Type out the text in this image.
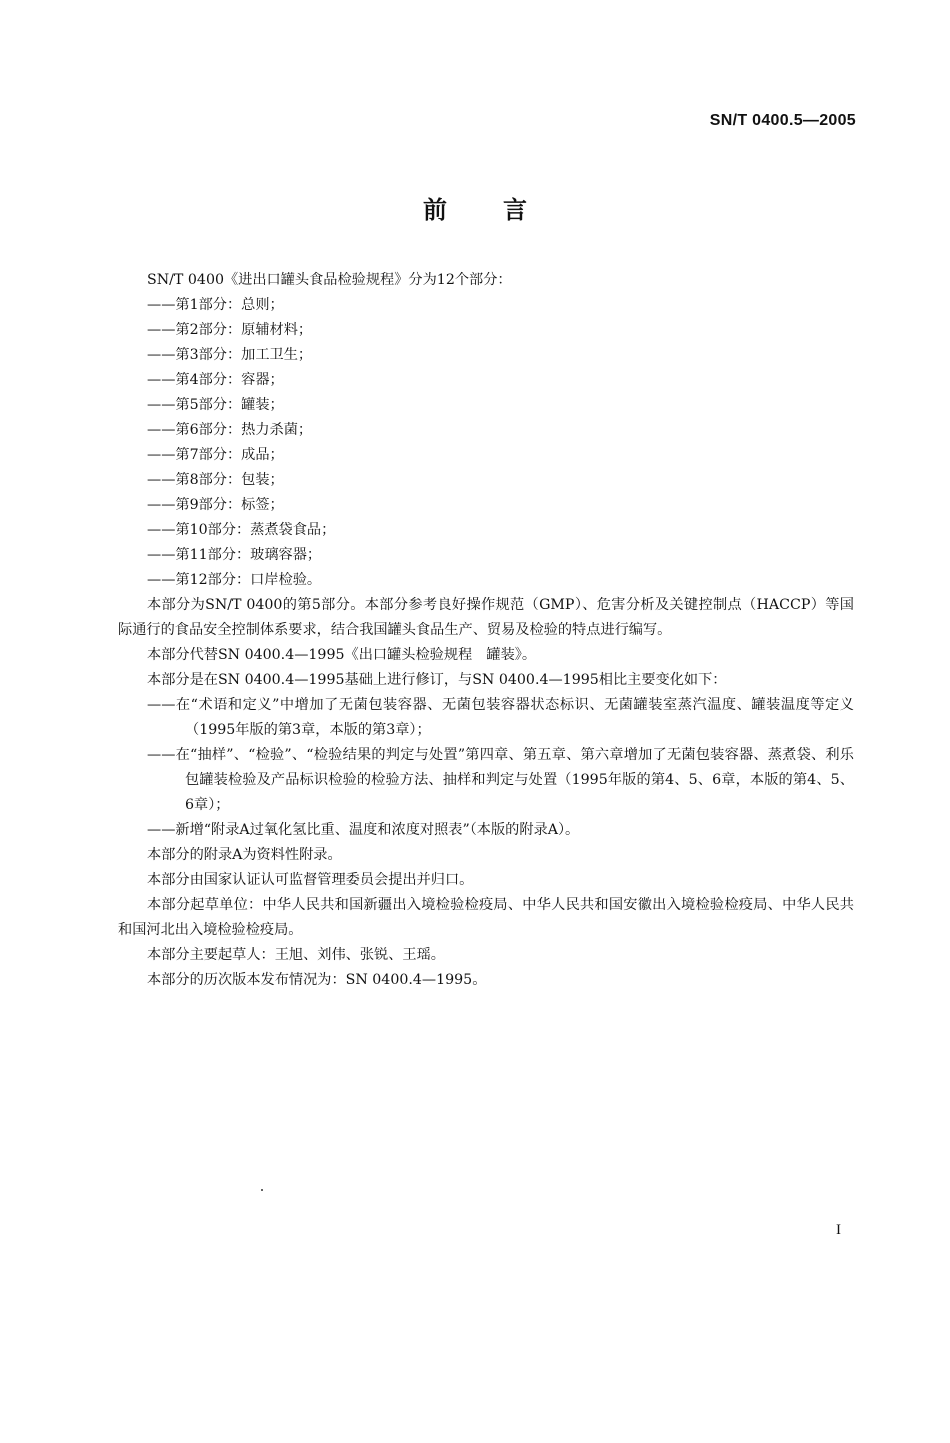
SN/T 0400.5—2005
前言

SN/T 0400《进出口罐头食品检验规程》分为12个部分：

——第1部分：总则；
——第2部分：原辅材料；
——第3部分：加工卫生；
——第4部分：容器；
——第5部分：罐装；
——第6部分：热力杀菌；
——第7部分：成品；
——第8部分：包装；
——第9部分：标签；
——第10部分：蒸煮袋食品；
——第11部分：玻璃容器；
——第12部分：口岸检验。

本部分为SN/T 0400的第5部分。本部分参考良好操作规范（GMP）、危害分析及关键控制点（HACCP）等国际通行的食品安全控制体系要求，结合我国罐头食品生产、贸易及检验的特点进行编写。

本部分代替SN 0400.4—1995《出口罐头检验规程　罐装》。

本部分是在SN 0400.4—1995基础上进行修订，与SN 0400.4—1995相比主要变化如下：

——在“术语和定义”中增加了无菌包装容器、无菌包装容器状态标识、无菌罐装室蒸汽温度、罐装温度等定义（1995年版的第3章，本版的第3章）；

——在“抽样”、“检验”、“检验结果的判定与处置”第四章、第五章、第六章增加了无菌包装容器、蒸煮袋、利乐包罐装检验及产品标识检验的检验方法、抽样和判定与处置（1995年版的第4、5、6章，本版的第4、5、6章）；

——新增“附录A过氧化氢比重、温度和浓度对照表”（本版的附录A）。

本部分的附录A为资料性附录。

本部分由国家认证认可监督管理委员会提出并归口。

本部分起草单位：中华人民共和国新疆出入境检验检疫局、中华人民共和国安徽出入境检验检疫局、中华人民共和国河北出入境检验检疫局。

本部分主要起草人：王旭、刘伟、张锐、王瑶。

本部分的历次版本发布情况为：SN 0400.4—1995。

I
